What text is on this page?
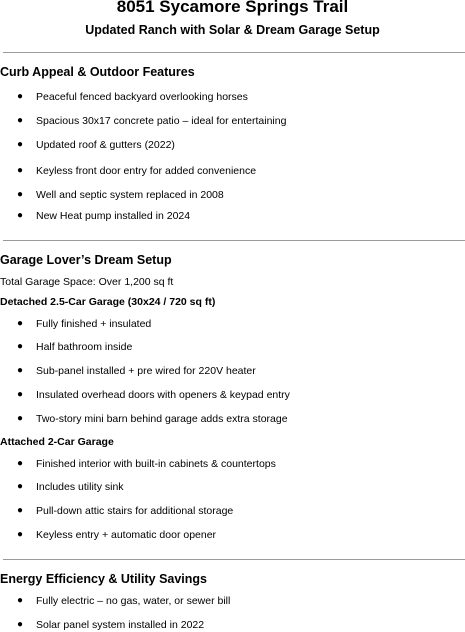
8051 Sycamore Springs Trail
Updated Ranch with Solar & Dream Garage Setup
Curb Appeal & Outdoor Features
● Peaceful fenced backyard overlooking horses
● Spacious 30x17 concrete patio – ideal for entertaining
● Updated roof & gutters (2022)
● Keyless front door entry for added convenience
● Well and septic system replaced in 2008
● New Heat pump installed in 2024
Garage Lover’s Dream Setup
Total Garage Space: Over 1,200 sq ft
Detached 2.5-Car Garage (30x24 / 720 sq ft)
● Fully finished + insulated
● Half bathroom inside
● Sub-panel installed + pre wired for 220V heater
● Insulated overhead doors with openers & keypad entry
● Two-story mini barn behind garage adds extra storage
Attached 2-Car Garage
● Finished interior with built-in cabinets & countertops
● Includes utility sink
● Pull-down attic stairs for additional storage
● Keyless entry + automatic door opener
Energy Efficiency & Utility Savings
● Fully electric – no gas, water, or sewer bill
● Solar panel system installed in 2022
